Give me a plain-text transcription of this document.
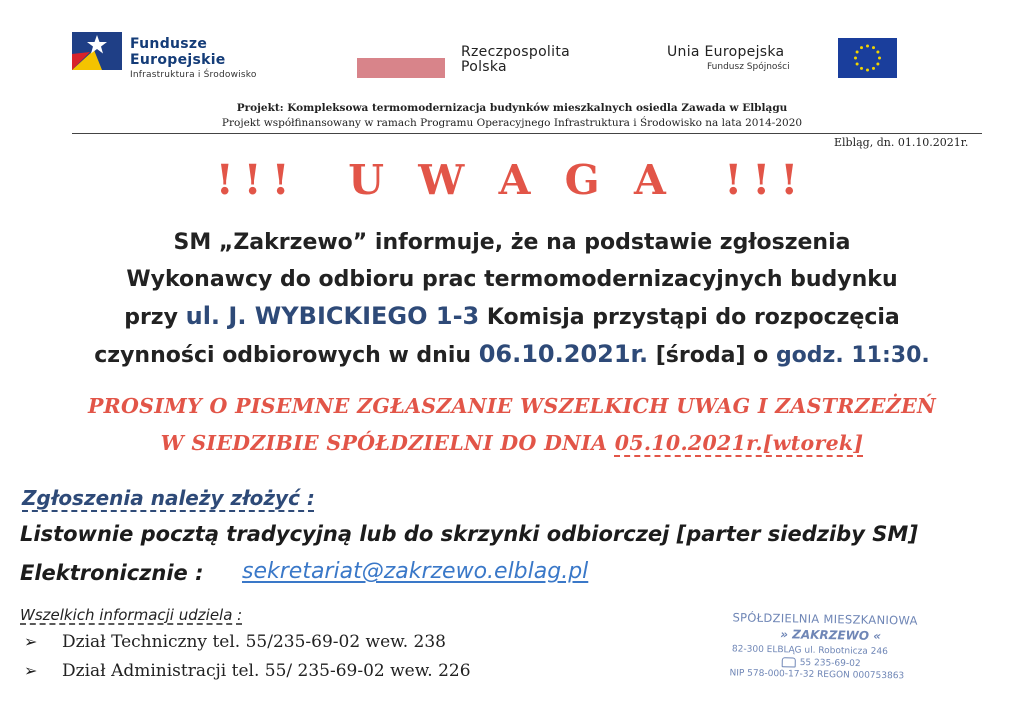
Fundusze
Europejskie
Infrastruktura i Środowisko
Rzeczpospolita
Polska
Unia Europejska
Fundusz Spójności
Projekt: Kompleksowa termomodernizacja budynków mieszkalnych osiedla Zawada w Elblągu
Projekt współfinansowany w ramach Programu Operacyjnego Infrastruktura i Środowisko na lata 2014-2020
Elbląg, dn. 01.10.2021r.
!!!  U W A G A  !!!
SM „Zakrzewo” informuje, że na podstawie zgłoszenia
Wykonawcy do odbioru prac termomodernizacyjnych budynku
przy ul. J. WYBICKIEGO 1-3 Komisja przystąpi do rozpoczęcia
czynności odbiorowych w dniu 06.10.2021r. [środa] o godz. 11:30.
PROSIMY O PISEMNE ZGŁASZANIE WSZELKICH UWAG I ZASTRZEŻEŃ
W SIEDZIBIE SPÓŁDZIELNI DO DNIA 05.10.2021r.[wtorek]
Zgłoszenia należy złożyć :
Listownie pocztą tradycyjną lub do skrzynki odbiorczej [parter siedziby SM]
Elektronicznie : sekretariat@zakrzewo.elblag.pl
Wszelkich informacji udziela :
➢ Dział Techniczny tel. 55/235-69-02 wew. 238
➢ Dział Administracji tel. 55/ 235-69-02 wew. 226
SPÓŁDZIELNIA MIESZKANIOWA
» ZAKRZEWO «
82-300 ELBLĄG ul. Robotnicza 246
55 235-69-02
NIP 578-000-17-32 REGON 000753863
